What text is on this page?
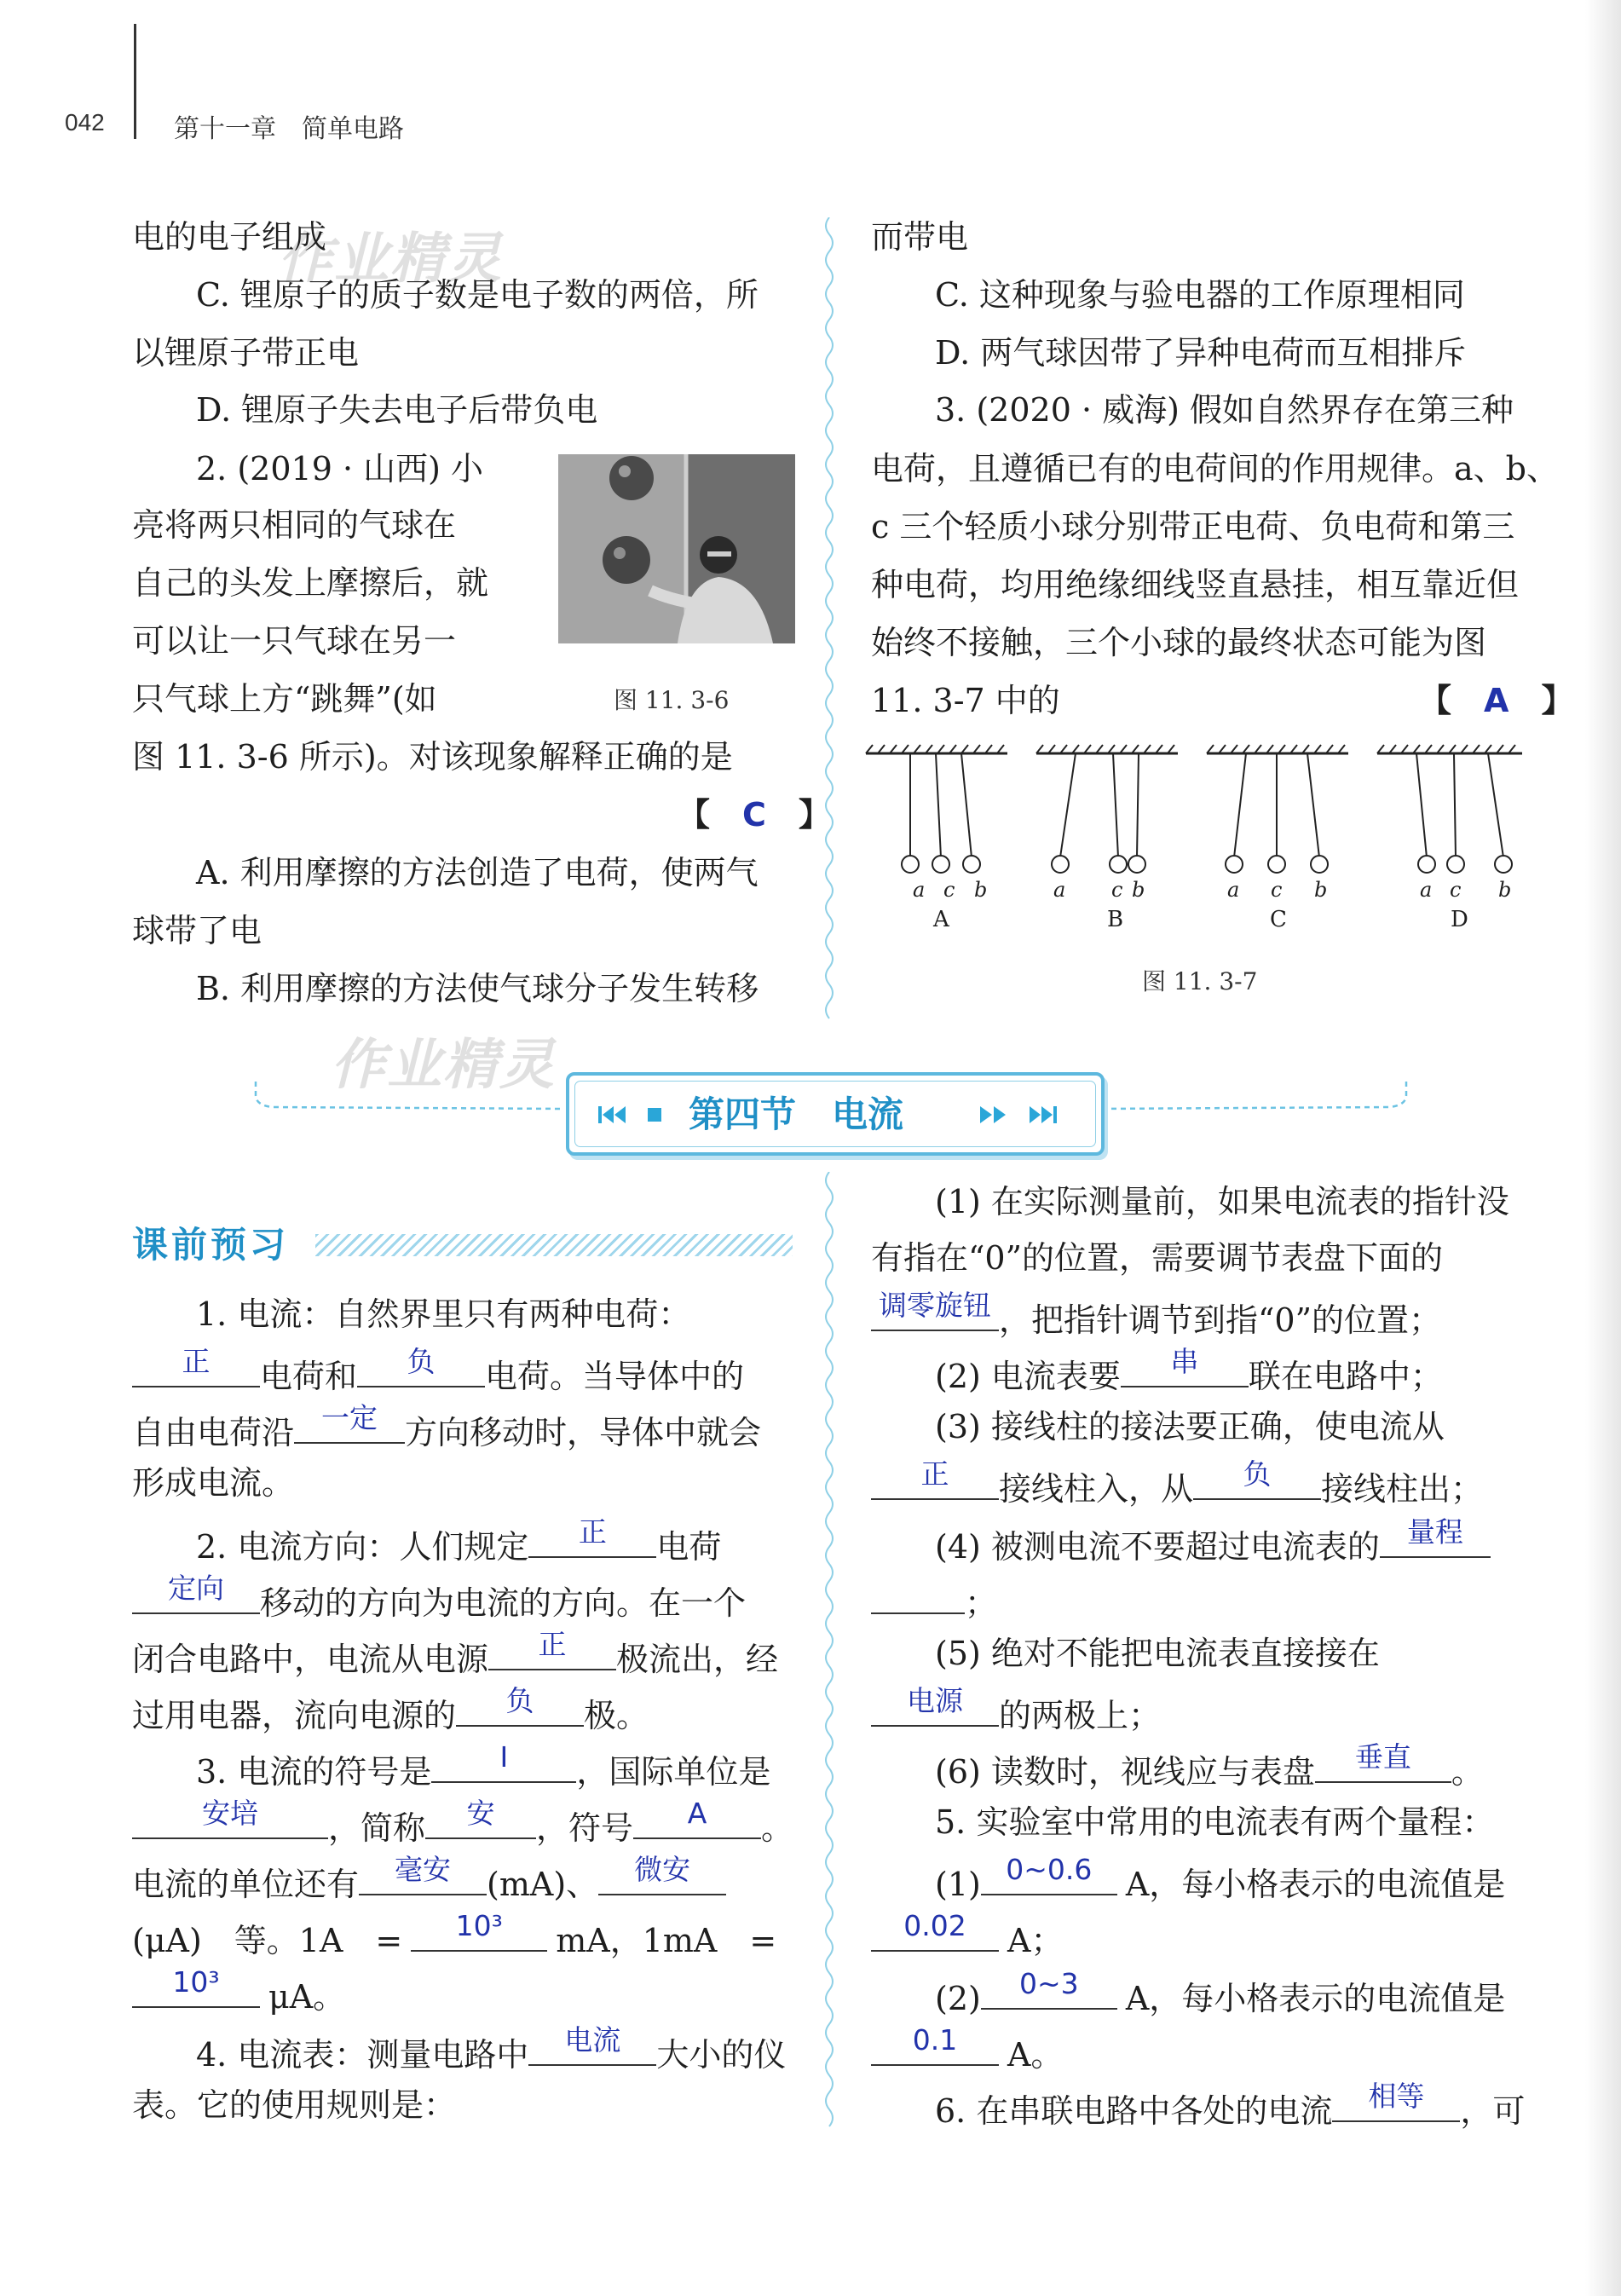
042	第十一章　简单电路
作业精灵
作业精灵
电的电子组成
C. 锂原子的质子数是电子数的两倍，所
以锂原子带正电
D. 锂原子失去电子后带负电
2. (2019 · 山西) 小
亮将两只相同的气球在
自己的头发上摩擦后，就
可以让一只气球在另一
只气球上方“跳舞”(如
图 11. 3-6 所示)。对该现象解释正确的是
【　C　】
A. 利用摩擦的方法创造了电荷，使两气
球带了电
B. 利用摩擦的方法使气球分子发生转移
图 11. 3-6
而带电
C. 这种现象与验电器的工作原理相同
D. 两气球因带了异种电荷而互相排斥
3. (2020 · 威海) 假如自然界存在第三种
电荷，且遵循已有的电荷间的作用规律。a、b、
c 三个轻质小球分别带正电荷、负电荷和第三
种电荷，均用绝缘细线竖直悬挂，相互靠近但
始终不接触，三个小球的最终状态可能为图
11. 3-7 中的	【　A　】
a c b
A
a c b
B
a c b
C
a c b
D
图 11. 3-7
第四节　电流
课前预习
1. 电流：自然界里只有两种电荷：
正	电荷和	负	电荷。当导体中的
自由电荷沿 一定 方向移动时，导体中就会
形成电流。
2. 电流方向：人们规定	正	电荷
定向	移动的方向为电流的方向。在一个
闭合电路中，电流从电源	正	极流出，经
过用电器，流向电源的	负	极。
3. 电流的符号是	I	，国际单位是
安培	，简称	安	，符号	A	。
电流的单位还有	毫安	(mA)、	微安
(μA)　等。1A　=	10³	mA，1mA　=
10³	μA。
4. 电流表：测量电路中	电流	大小的仪
表。它的使用规则是：
(1) 在实际测量前，如果电流表的指针没
有指在“0”的位置，需要调节表盘下面的
调零旋钮 ，把指针调节到指“0”的位置；
(2) 电流表要	串	联在电路中；
(3) 接线柱的接法要正确，使电流从
正	接线柱入，从	负	接线柱出；
(4) 被测电流不要超过电流表的 量程
；
(5) 绝对不能把电流表直接接在
电源	的两极上；
(6) 读数时，视线应与表盘	垂直	。
5. 实验室中常用的电流表有两个量程：
(1) 0~0.6	A，每小格表示的电流值是
0.02	A；
(2)	0~3	A，每小格表示的电流值是
0.1	A。
6. 在串联电路中各处的电流	相等	，可
